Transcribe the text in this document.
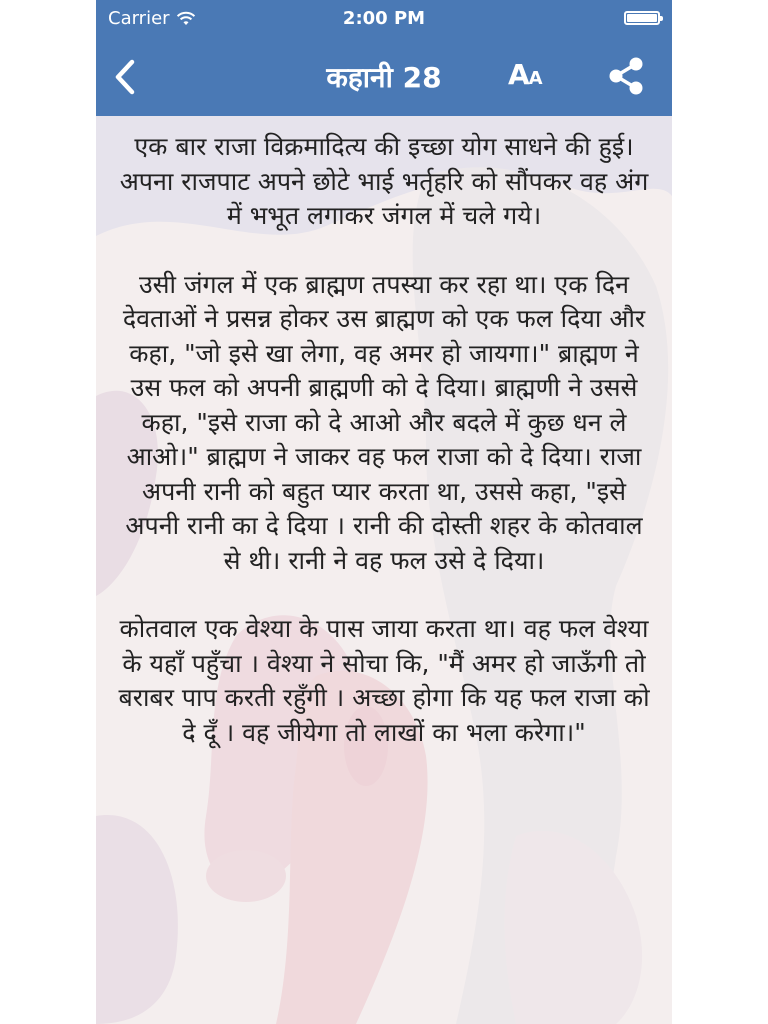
Carrier	2:00 PM
कहानी 28	AA

एक बार राजा विक्रमादित्य की इच्छा योग साधने की हुई। अपना राजपाट अपने छोटे भाई भर्तृहरि को सौंपकर वह अंग में भभूत लगाकर जंगल में चले गये।

उसी जंगल में एक ब्राह्मण तपस्या कर रहा था। एक दिन देवताओं ने प्रसन्न होकर उस ब्राह्मण को एक फल दिया और कहा, "जो इसे खा लेगा, वह अमर हो जायगा।" ब्राह्मण ने उस फल को अपनी ब्राह्मणी को दे दिया। ब्राह्मणी ने उससे कहा, "इसे राजा को दे आओ और बदले में कुछ धन ले आओ।" ब्राह्मण ने जाकर वह फल राजा को दे दिया। राजा अपनी रानी को बहुत प्यार करता था, उससे कहा, "इसे अपनी रानी का दे दिया । रानी की दोस्ती शहर के कोतवाल से थी। रानी ने वह फल उसे दे दिया।

कोतवाल एक वेश्या के पास जाया करता था। वह फल वेश्या के यहाँ पहुँचा । वेश्या ने सोचा कि, "मैं अमर हो जाऊँगी तो बराबर पाप करती रहुँगी । अच्छा होगा कि यह फल राजा को दे दूँ । वह जीयेगा तो लाखों का भला करेगा।"
